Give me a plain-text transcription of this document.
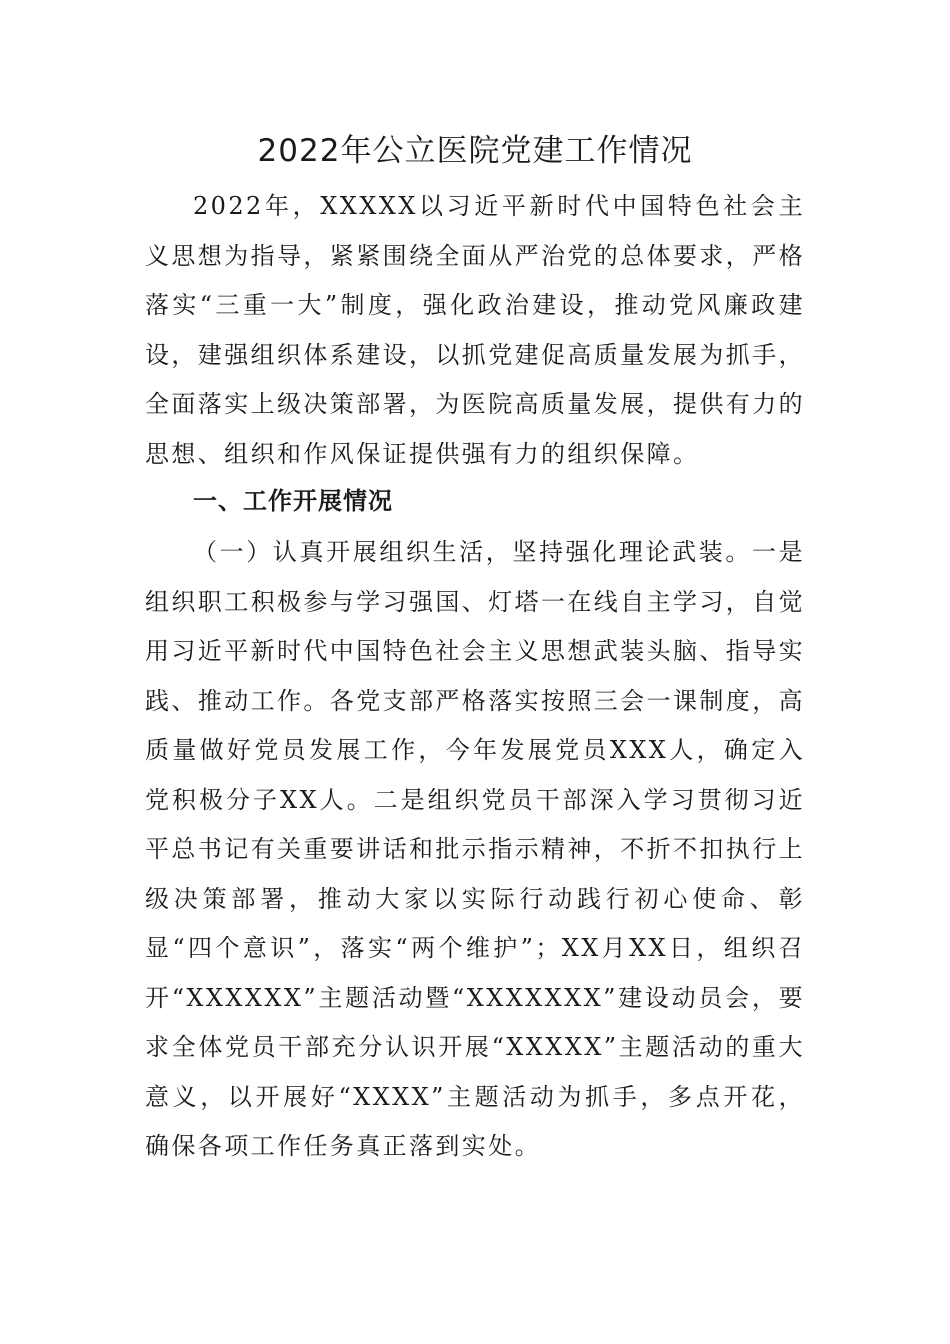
2022年公立医院党建工作情况

2022年，XXXXX以习近平新时代中国特色社会主义思想为指导，紧紧围绕全面从严治党的总体要求，严格落实“三重一大”制度，强化政治建设，推动党风廉政建设，建强组织体系建设，以抓党建促高质量发展为抓手，全面落实上级决策部署，为医院高质量发展，提供有力的思想、组织和作风保证提供强有力的组织保障。

一、工作开展情况

（一）认真开展组织生活，坚持强化理论武装。一是组织职工积极参与学习强国、灯塔一在线自主学习，自觉用习近平新时代中国特色社会主义思想武装头脑、指导实践、推动工作。各党支部严格落实按照三会一课制度，高质量做好党员发展工作，今年发展党员XXX人，确定入党积极分子XX人。二是组织党员干部深入学习贯彻习近平总书记有关重要讲话和批示指示精神，不折不扣执行上级决策部署，推动大家以实际行动践行初心使命、彰显“四个意识”，落实“两个维护”；XX月XX日，组织召开“XXXXXX”主题活动暨“XXXXXXX”建设动员会，要求全体党员干部充分认识开展“XXXXX”主题活动的重大意义，以开展好“XXXX”主题活动为抓手，多点开花，确保各项工作任务真正落到实处。
